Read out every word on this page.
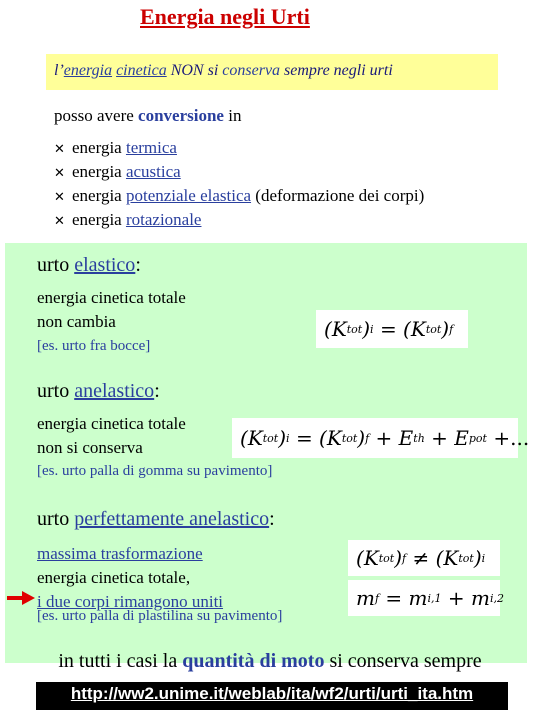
Energia negli Urti
l’energia cinetica NON si conserva sempre negli urti
posso avere conversione in
✕ energia termica
✕ energia acustica
✕ energia potenziale elastica (deformazione dei corpi)
✕ energia rotazionale
urto elastico:
energia cinetica totale
non cambia
[es. urto fra bocce]
( K tot ) i
= ( K tot ) f
urto anelastico:
energia cinetica totale
non si conserva
[es. urto palla di gomma su pavimento]
( K tot ) i
= ( K tot ) f
+ E th
+ E pot
+...
urto perfettamente anelastico:
massima trasformazione
energia cinetica totale,
i due corpi rimangono uniti
[es. urto palla di plastilina su pavimento]
( K tot ) f
≠ ( K tot ) i
m f
= m i,1
+ m i,2
in tutti i casi la quantità di moto si conserva sempre
http://ww2.unime.it/weblab/ita/wf2/urti/urti_ita.htm
